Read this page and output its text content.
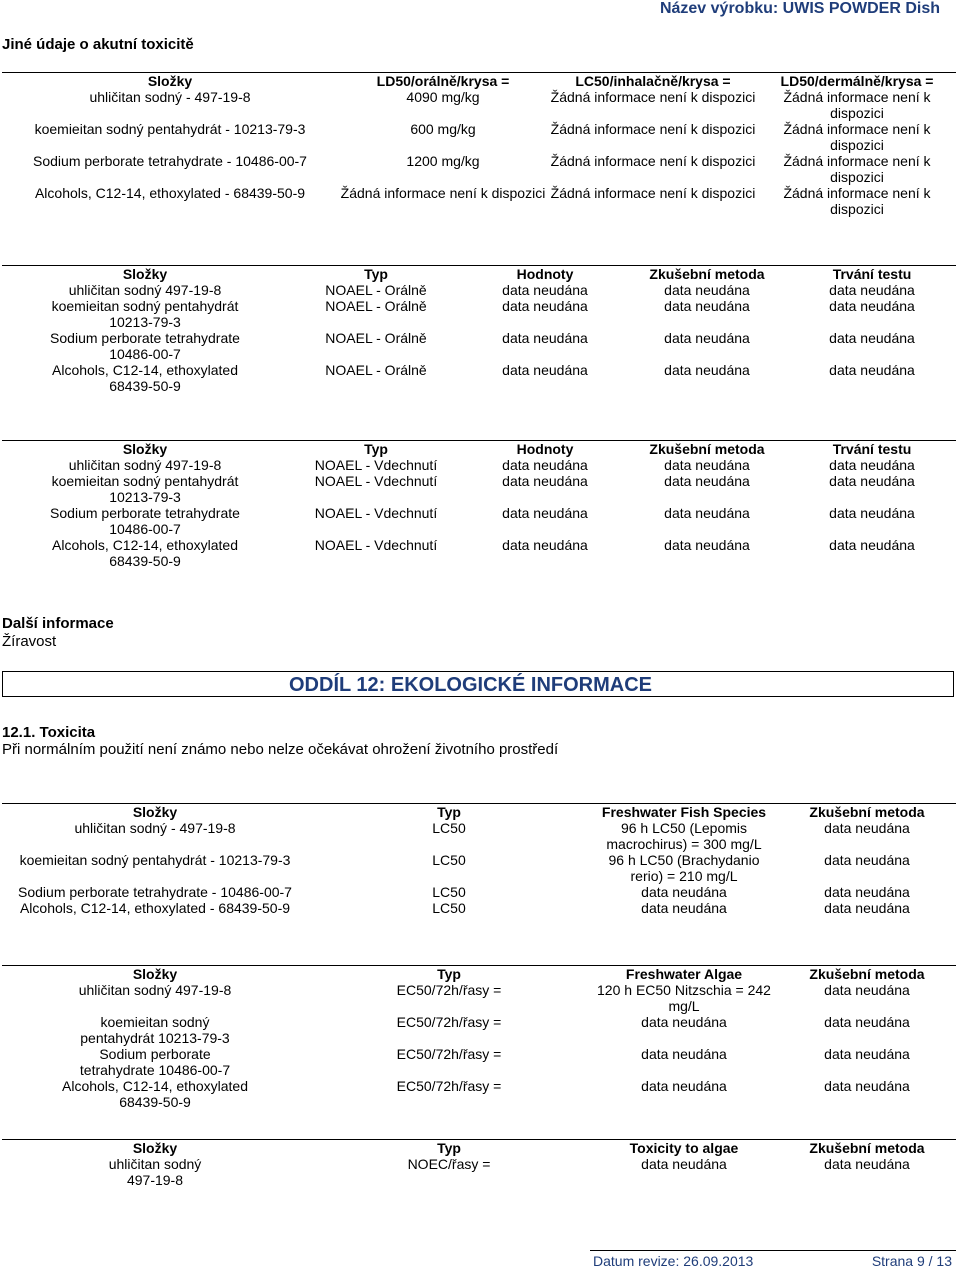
Název výrobku: UWIS POWDER Dish
Jiné údaje o akutní toxicitě
Složky	LD50/orálně/krysa =	LC50/inhalačně/krysa =	LD50/dermálně/krysa =
uhličitan sodný - 497-19-8	4090 mg/kg	Žádná informace není k dispozici	Žádná informace není k dispozici
koemieitan sodný pentahydrát - 10213-79-3	600 mg/kg	Žádná informace není k dispozici	Žádná informace není k dispozici
Sodium perborate tetrahydrate - 10486-00-7	1200 mg/kg	Žádná informace není k dispozici	Žádná informace není k dispozici
Alcohols, C12-14, ethoxylated - 68439-50-9	Žádná informace není k dispozici	Žádná informace není k dispozici	Žádná informace není k dispozici
Složky	Typ	Hodnoty	Zkušební metoda	Trvání testu
uhličitan sodný 497-19-8	NOAEL - Orálně	data neudána	data neudána	data neudána
koemieitan sodný pentahydrát 10213-79-3	NOAEL - Orálně	data neudána	data neudána	data neudána
Sodium perborate tetrahydrate 10486-00-7	NOAEL - Orálně	data neudána	data neudána	data neudána
Alcohols, C12-14, ethoxylated 68439-50-9	NOAEL - Orálně	data neudána	data neudána	data neudána
Složky	Typ	Hodnoty	Zkušební metoda	Trvání testu
uhličitan sodný 497-19-8	NOAEL - Vdechnutí	data neudána	data neudána	data neudána
koemieitan sodný pentahydrát 10213-79-3	NOAEL - Vdechnutí	data neudána	data neudána	data neudána
Sodium perborate tetrahydrate 10486-00-7	NOAEL - Vdechnutí	data neudána	data neudána	data neudána
Alcohols, C12-14, ethoxylated 68439-50-9	NOAEL - Vdechnutí	data neudána	data neudána	data neudána
Další informace
Žíravost
ODDÍL 12: EKOLOGICKÉ INFORMACE
12.1. Toxicita
Při normálním použití není známo nebo nelze očekávat ohrožení životního prostředí
Složky	Typ	Freshwater Fish Species	Zkušební metoda
uhličitan sodný - 497-19-8	LC50	96 h LC50 (Lepomis macrochirus) = 300 mg/L	data neudána
koemieitan sodný pentahydrát - 10213-79-3	LC50	96 h LC50 (Brachydanio rerio) = 210 mg/L	data neudána
Sodium perborate tetrahydrate - 10486-00-7	LC50	data neudána	data neudána
Alcohols, C12-14, ethoxylated - 68439-50-9	LC50	data neudána	data neudána
Složky	Typ	Freshwater Algae	Zkušební metoda
uhličitan sodný 497-19-8	EC50/72h/řasy =	120 h EC50 Nitzschia = 242 mg/L	data neudána
koemieitan sodný pentahydrát 10213-79-3	EC50/72h/řasy =	data neudána	data neudána
Sodium perborate tetrahydrate 10486-00-7	EC50/72h/řasy =	data neudána	data neudána
Alcohols, C12-14, ethoxylated 68439-50-9	EC50/72h/řasy =	data neudána	data neudána
Složky	Typ	Toxicity to algae	Zkušební metoda
uhličitan sodný 497-19-8	NOEC/řasy =	data neudána	data neudána
Datum revize: 26.09.2013	Strana 9 / 13
